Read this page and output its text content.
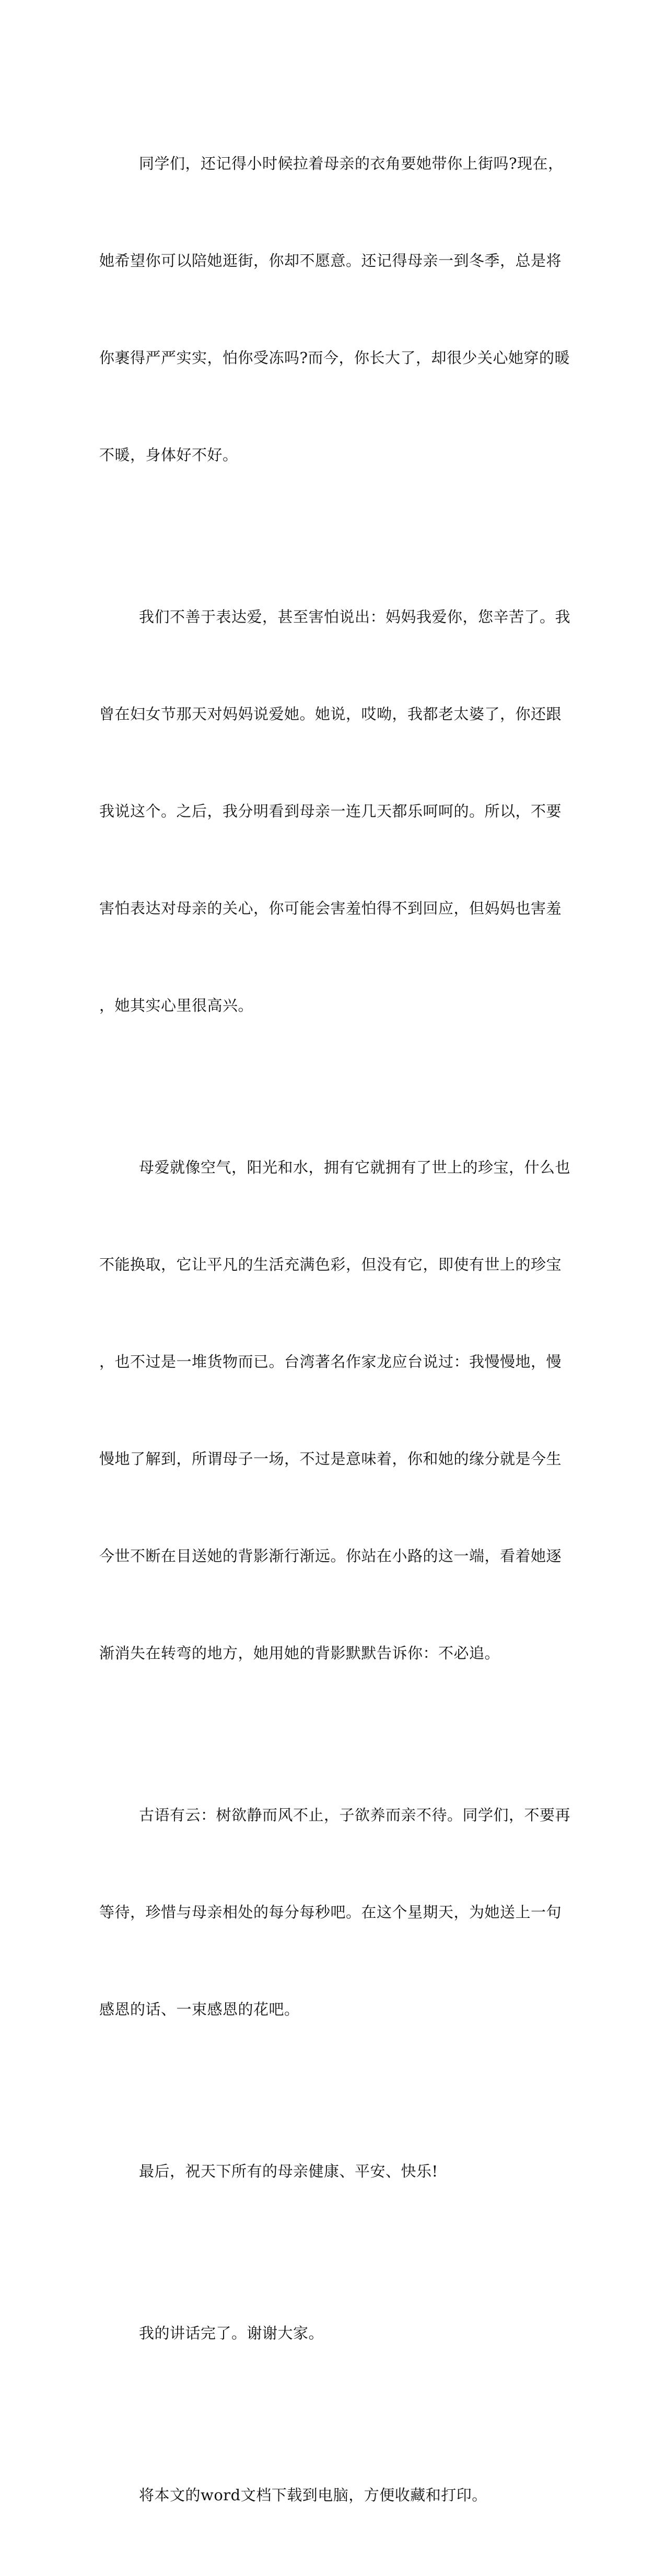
同学们，还记得小时候拉着母亲的衣角要她带你上街吗?现在，

她希望你可以陪她逛街，你却不愿意。还记得母亲一到冬季，总是将

你裹得严严实实，怕你受冻吗?而今，你长大了，却很少关心她穿的暖

不暖，身体好不好。

我们不善于表达爱，甚至害怕说出：妈妈我爱你，您辛苦了。我

曾在妇女节那天对妈妈说爱她。她说，哎呦，我都老太婆了，你还跟

我说这个。之后，我分明看到母亲一连几天都乐呵呵的。所以，不要

害怕表达对母亲的关心，你可能会害羞怕得不到回应，但妈妈也害羞

，她其实心里很高兴。

母爱就像空气，阳光和水，拥有它就拥有了世上的珍宝，什么也

不能换取，它让平凡的生活充满色彩，但没有它，即使有世上的珍宝

，也不过是一堆货物而已。台湾著名作家龙应台说过：我慢慢地，慢

慢地了解到，所谓母子一场，不过是意味着，你和她的缘分就是今生

今世不断在目送她的背影渐行渐远。你站在小路的这一端，看着她逐

渐消失在转弯的地方，她用她的背影默默告诉你：不必追。

古语有云：树欲静而风不止，子欲养而亲不待。同学们，不要再

等待，珍惜与母亲相处的每分每秒吧。在这个星期天，为她送上一句

感恩的话、一束感恩的花吧。

最后，祝天下所有的母亲健康、平安、快乐!

我的讲话完了。谢谢大家。

将本文的word文档下载到电脑，方便收藏和打印。
